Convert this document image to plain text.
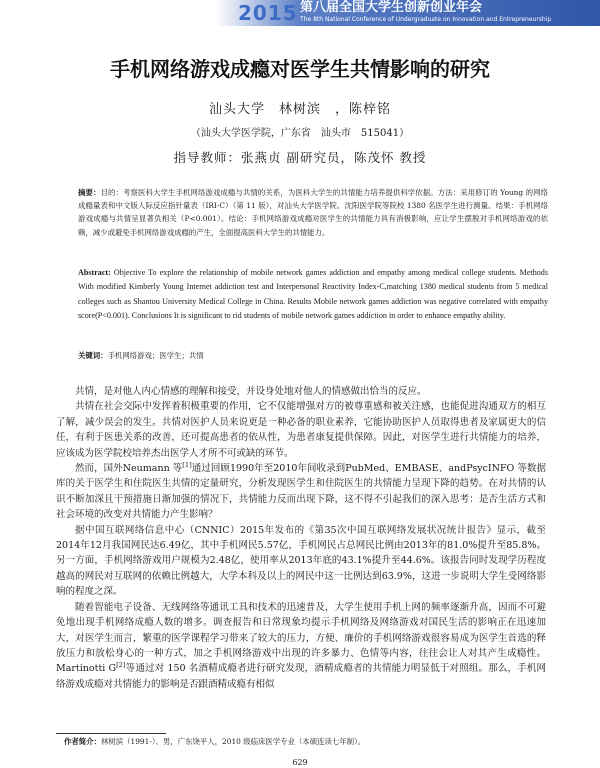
2015 第八届全国大学生创新创业年会
The 8th National Conference of Undergraduate on Innovation and Entrepreneurship
手机网络游戏成瘾对医学生共情影响的研究
汕头大学　林树滨　，陈梓铭
（汕头大学医学院，广东省　汕头市　515041）
指导教师：张燕贞 副研究员，陈茂怀 教授
摘要：目的：考察医科大学生手机网络游戏成瘾与共情的关系，为医科大学生的共情能力培养提供科学依据。方法：采用修订的 Young 的网络成瘾量表和中文版人际反应指针量表（IRI-C）（第 11 版），对汕头大学医学院、沈阳医学院等院校 1380 名医学生进行测量。结果：手机网络游戏成瘾与共情呈显著负相关（P<0.001）。结论：手机网络游戏成瘾对医学生的共情能力具有消极影响，应让学生摆脱对手机网络游戏的依赖，减少或避免手机网络游戏成瘾的产生，全面提高医科大学生的共情能力。
Abstract: Objective To explore the relationship of mobile network games addiction and empathy among medical college students. Methods With modified Kimberly Young Internet addiction test and Interpersonal Reactivity Index-C,matching 1380 medical students from 5 medical colleges such as Shantou University Medical College in China. Results Mobile network games addiction was negative correlated with empathy score(P<0.001). Conclusions It is significant to rid students of mobile network games addiction in order to enhance empathy ability.
关键词：手机网络游戏；医学生；共情

共情，是对他人内心情感的理解和接受，并设身处地对他人的情感做出恰当的反应。

共情在社会交际中发挥着积极重要的作用，它不仅能增强对方的被尊重感和被关注感，也能促进沟通双方的相互了解，减少误会的发生。共情对医护人员来说更是一种必备的职业素养，它能协助医护人员取得患者及家属更大的信任，有利于医患关系的改善，还可提高患者的依从性，为患者康复提供保障。因此，对医学生进行共情能力的培养，应该成为医学院校培养杰出医学人才所不可或缺的环节。

然而，国外Neumann 等[1]通过回顾1990年至2010年间收录到PubMed、EMBASE、andPsycINFO 等数据库的关于医学生和住院医生共情的定量研究，分析发现医学生和住院医生的共情能力呈现下降的趋势。在对共情的认识不断加深且干预措施日渐加强的情况下，共情能力反而出现下降，这不得不引起我们的深入思考：是否生活方式和社会环境的改变对共情能力产生影响？

据中国互联网络信息中心（CNNIC）2015年发布的《第35次中国互联网络发展状况统计报告》显示，截至2014年12月我国网民达6.49亿，其中手机网民5.57亿，手机网民占总网民比例由2013年的81.0%提升至85.8%。另一方面，手机网络游戏用户规模为2.48亿，使用率从2013年底的43.1%提升至44.6%。该报告同时发现学历程度越高的网民对互联网的依赖比例越大，大学本科及以上的网民中这一比例达到63.9%，这进一步说明大学生受网络影响的程度之深。

随着智能电子设备、无线网络等通讯工具和技术的迅速普及，大学生使用手机上网的频率逐渐升高，因而不可避免地出现手机网络成瘾人数的增多。调查报告和日常现象均提示手机网络及网络游戏对国民生活的影响正在迅速加大，对医学生而言，繁重的医学课程学习带来了较大的压力，方便、廉价的手机网络游戏很容易成为医学生首选的释放压力和放松身心的一种方式，加之手机网络游戏中出现的许多暴力、色情等内容，往往会让人对其产生成瘾性。Martinotti G[2]等通过对 150 名酒精成瘾者进行研究发现，酒精成瘾者的共情能力明显低于对照组。那么，手机网络游戏成瘾对共情能力的影响是否跟酒精成瘾有相似

作者简介：林树滨（1991-）、男，广东饶平人，2010 级临床医学专业（本硕连读七年制）。
629
